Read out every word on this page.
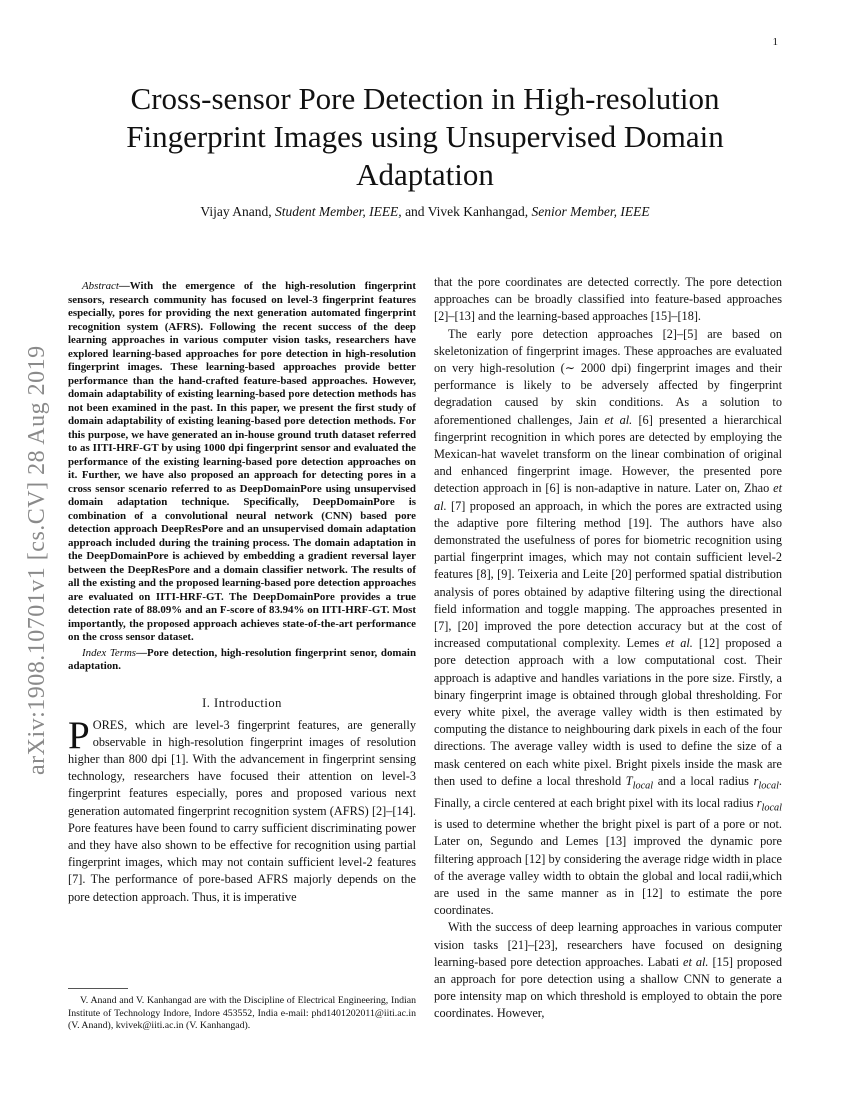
1
arXiv:1908.10701v1 [cs.CV] 28 Aug 2019
Cross-sensor Pore Detection in High-resolution Fingerprint Images using Unsupervised Domain Adaptation
Vijay Anand, Student Member, IEEE, and Vivek Kanhangad, Senior Member, IEEE

Abstract—With the emergence of the high-resolution fingerprint sensors, research community has focused on level-3 fingerprint features especially, pores for providing the next generation automated fingerprint recognition system (AFRS). Following the recent success of the deep learning approaches in various computer vision tasks, researchers have explored learning-based approaches for pore detection in high-resolution fingerprint images. These learning-based approaches provide better performance than the hand-crafted feature-based approaches. However, domain adaptability of existing learning-based pore detection methods has not been examined in the past. In this paper, we present the first study of domain adaptability of existing leaning-based pore detection methods. For this purpose, we have generated an in-house ground truth dataset referred to as IITI-HRF-GT by using 1000 dpi fingerprint sensor and evaluated the performance of the existing learning-based pore detection approaches on it. Further, we have also proposed an approach for detecting pores in a cross sensor scenario referred to as DeepDomainPore using unsupervised domain adaptation technique. Specifically, DeepDomainPore is combination of a convolutional neural network (CNN) based pore detection approach DeepResPore and an unsupervised domain adaptation approach included during the training process. The domain adaptation in the DeepDomainPore is achieved by embedding a gradient reversal layer between the DeepResPore and a domain classifier network. The results of all the existing and the proposed learning-based pore detection approaches are evaluated on IITI-HRF-GT. The DeepDomainPore provides a true detection rate of 88.09% and an F-score of 83.94% on IITI-HRF-GT. Most importantly, the proposed approach achieves state-of-the-art performance on the cross sensor dataset.

Index Terms—Pore detection, high-resolution fingerprint senor, domain adaptation.

I. Introduction

PORES, which are level-3 fingerprint features, are generally observable in high-resolution fingerprint images of resolution higher than 800 dpi [1]. With the advancement in fingerprint sensing technology, researchers have focused their attention on level-3 fingerprint features especially, pores and proposed various next generation automated fingerprint recognition system (AFRS) [2]–[14]. Pore features have been found to carry sufficient discriminating power and they have also shown to be effective for recognition using partial fingerprint images, which may not contain sufficient level-2 features [7]. The performance of pore-based AFRS majorly depends on the pore detection approach. Thus, it is imperative

V. Anand and V. Kanhangad are with the Discipline of Electrical Engineering, Indian Institute of Technology Indore, Indore 453552, India e-mail: phd1401202011@iiti.ac.in (V. Anand), kvivek@iiti.ac.in (V. Kanhangad).

that the pore coordinates are detected correctly. The pore detection approaches can be broadly classified into feature-based approaches [2]–[13] and the learning-based approaches [15]–[18].

The early pore detection approaches [2]–[5] are based on skeletonization of fingerprint images. These approaches are evaluated on very high-resolution (∼ 2000 dpi) fingerprint images and their performance is likely to be adversely affected by fingerprint degradation caused by skin conditions. As a solution to aforementioned challenges, Jain et al. [6] presented a hierarchical fingerprint recognition in which pores are detected by employing the Mexican-hat wavelet transform on the linear combination of original and enhanced fingerprint image. However, the presented pore detection approach in [6] is non-adaptive in nature. Later on, Zhao et al. [7] proposed an approach, in which the pores are extracted using the adaptive pore filtering method [19]. The authors have also demonstrated the usefulness of pores for biometric recognition using partial fingerprint images, which may not contain sufficient level-2 features [8], [9]. Teixeria and Leite [20] performed spatial distribution analysis of pores obtained by adaptive filtering using the directional field information and toggle mapping. The approaches presented in [7], [20] improved the pore detection accuracy but at the cost of increased computational complexity. Lemes et al. [12] proposed a pore detection approach with a low computational cost. Their approach is adaptive and handles variations in the pore size. Firstly, a binary fingerprint image is obtained through global thresholding. For every white pixel, the average valley width is then estimated by computing the distance to neighbouring dark pixels in each of the four directions. The average valley width is used to define the size of a mask centered on each white pixel. Bright pixels inside the mask are then used to define a local threshold $T_{local}$ and a local radius $r_{local}$. Finally, a circle centered at each bright pixel with its local radius $r_{local}$ is used to determine whether the bright pixel is part of a pore or not. Later on, Segundo and Lemes [13] improved the dynamic pore filtering approach [12] by considering the average ridge width in place of the average valley width to obtain the global and local radii,which are used in the same manner as in [12] to estimate the pore coordinates.

With the success of deep learning approaches in various computer vision tasks [21]–[23], researchers have focused on designing learning-based pore detection approaches. Labati et al. [15] proposed an approach for pore detection using a shallow CNN to generate a pore intensity map on which threshold is employed to obtain the pore coordinates. However,
